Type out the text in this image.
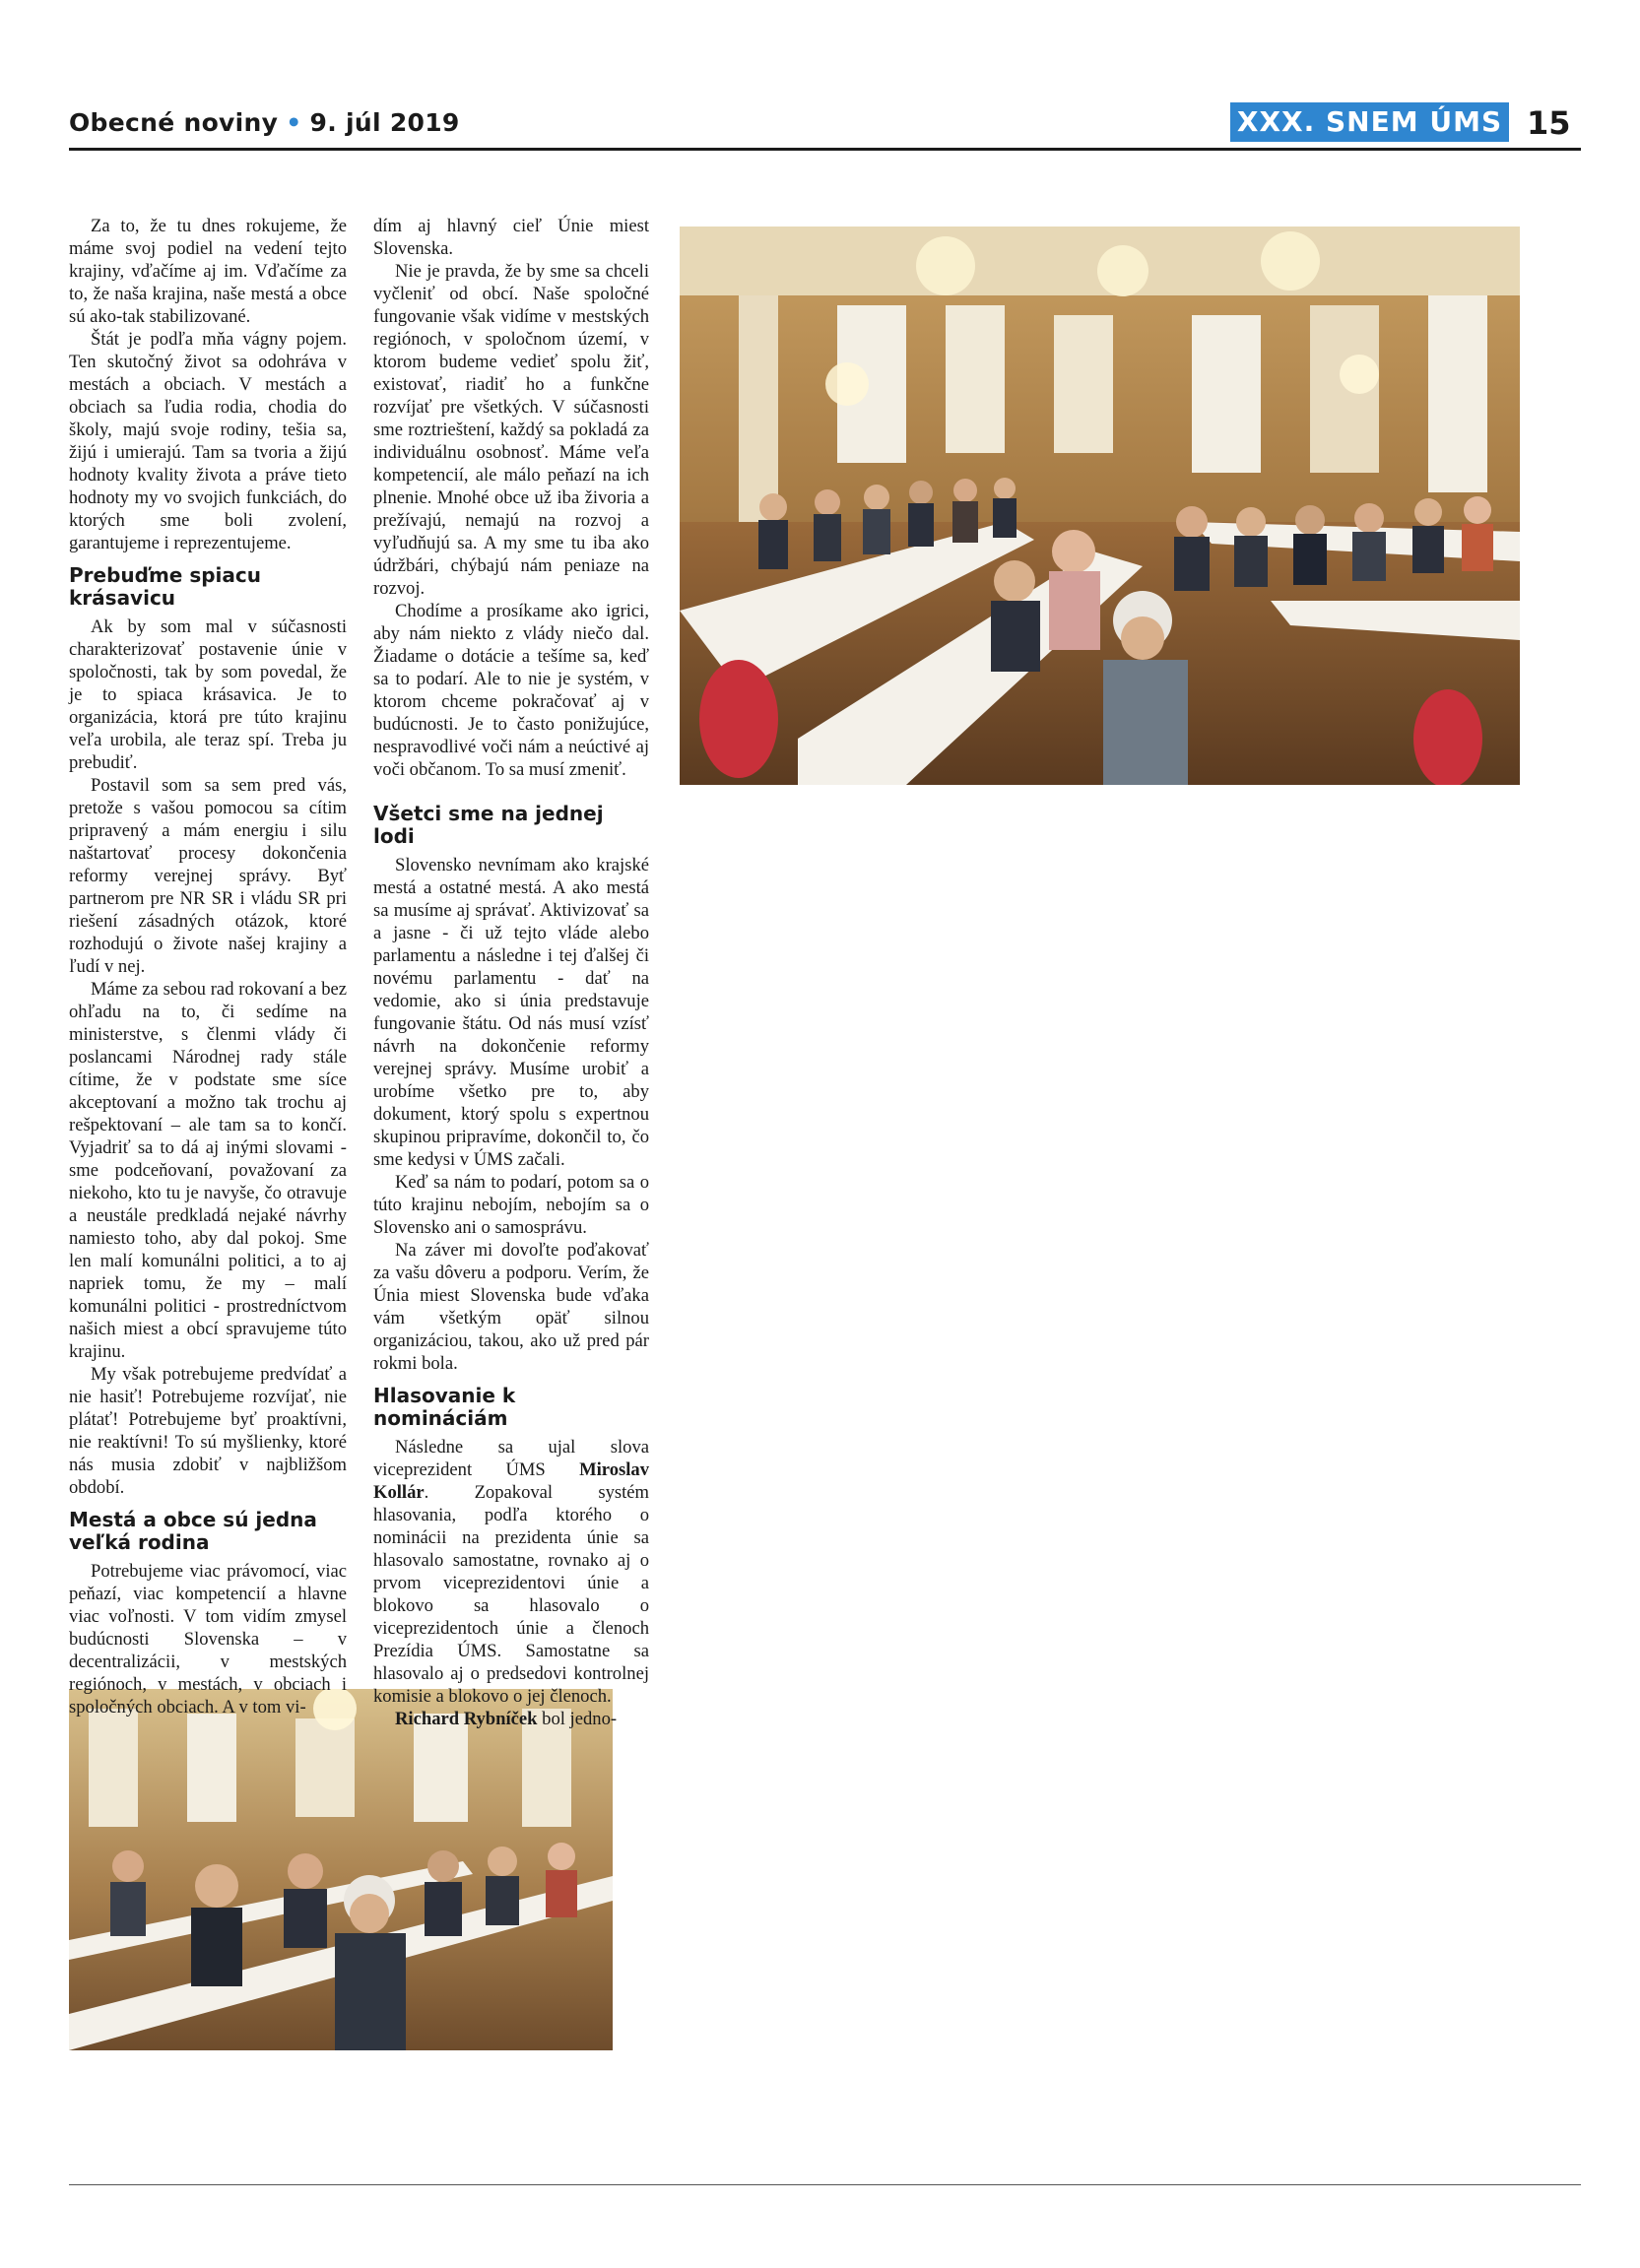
Obecné noviny • 9. júl 2019	XXX. SNEM ÚMS 15

Za to, že tu dnes rokujeme, že máme svoj podiel na vedení tejto krajiny, vďačíme aj im. Vďačíme za to, že naša krajina, naše mestá a obce sú ako-tak stabilizované.

Štát je podľa mňa vágny pojem. Ten skutočný život sa odohráva v mestách a obciach. V mestách a obciach sa ľudia rodia, chodia do školy, majú svoje rodiny, tešia sa, žijú i umierajú. Tam sa tvoria a žijú hodnoty kvality života a práve tieto hodnoty my vo svojich funkciách, do ktorých sme boli zvolení, garantujeme i reprezentujeme.

Prebuďme spiacu krásavicu

Ak by som mal v súčasnosti charakterizovať postavenie únie v spoločnosti, tak by som povedal, že je to spiaca krásavica. Je to organizácia, ktorá pre túto krajinu veľa urobila, ale teraz spí. Treba ju prebudiť.

Postavil som sa sem pred vás, pretože s vašou pomocou sa cítim pripravený a mám energiu i silu naštartovať procesy dokončenia reformy verejnej správy. Byť partnerom pre NR SR i vládu SR pri riešení zásadných otázok, ktoré rozhodujú o živote našej krajiny a ľudí v nej.

Máme za sebou rad rokovaní a bez ohľadu na to, či sedíme na ministerstve, s členmi vlády či poslancami Národnej rady stále cítime, že v podstate sme síce akceptovaní a možno tak trochu aj rešpektovaní – ale tam sa to končí. Vyjadriť sa to dá aj inými slovami - sme podceňovaní, považovaní za niekoho, kto tu je navyše, čo otravuje a neustále predkladá nejaké návrhy namiesto toho, aby dal pokoj. Sme len malí komunálni politici, a to aj napriek tomu, že my – malí komunálni politici - prostredníctvom našich miest a obcí spravujeme túto krajinu.

My však potrebujeme predvídať a nie hasiť! Potrebujeme rozvíjať, nie plátať! Potrebujeme byť proaktívni, nie reaktívni! To sú myšlienky, ktoré nás musia zdobiť v najbližšom období.

Mestá a obce sú jedna veľká rodina

Potrebujeme viac právomocí, viac peňazí, viac kompetencií a hlavne viac voľnosti. V tom vidím zmysel budúcnosti Slovenska – v decentralizácii, v mestských regiónoch, v mestách, v obciach i spoločných obciach. A v tom vi-

dím aj hlavný cieľ Únie miest Slovenska.

Nie je pravda, že by sme sa chceli vyčleniť od obcí. Naše spoločné fungovanie však vidíme v mestských regiónoch, v spoločnom území, v ktorom budeme vedieť spolu žiť, existovať, riadiť ho a funkčne rozvíjať pre všetkých. V súčasnosti sme roztrieštení, každý sa pokladá za individuálnu osobnosť. Máme veľa kompetencií, ale málo peňazí na ich plnenie. Mnohé obce už iba živoria a prežívajú, nemajú na rozvoj a vyľudňujú sa. A my sme tu iba ako údržbári, chýbajú nám peniaze na rozvoj.

Chodíme a prosíkame ako igrici, aby nám niekto z vlády niečo dal. Žiadame o dotácie a tešíme sa, keď sa to podarí. Ale to nie je systém, v ktorom chceme pokračovať aj v budúcnosti. Je to často ponižujúce, nespravodlivé voči nám a neúctivé aj voči občanom. To sa musí zmeniť.

Všetci sme na jednej lodi

Slovensko nevnímam ako krajské mestá a ostatné mestá. A ako mestá sa musíme aj správať. Aktivizovať sa a jasne - či už tejto vláde alebo parlamentu a následne i tej ďalšej či novému parlamentu - dať na vedomie, ako si únia predstavuje fungovanie štátu. Od nás musí vzísť návrh na dokončenie reformy verejnej správy. Musíme urobiť a urobíme všetko pre to, aby dokument, ktorý spolu s expertnou skupinou pripravíme, dokončil to, čo sme kedysi v ÚMS začali.

Keď sa nám to podarí, potom sa o túto krajinu nebojím, nebojím sa o Slovensko ani o samosprávu.

Na záver mi dovoľte poďakovať za vašu dôveru a podporu. Verím, že Únia miest Slovenska bude vďaka vám všetkým opäť silnou organizáciou, takou, ako už pred pár rokmi bola.

Hlasovanie k nomináciám

Následne sa ujal slova viceprezident ÚMS Miroslav Kollár. Zopakoval systém hlasovania, podľa ktorého o nominácii na prezidenta únie sa hlasovalo samostatne, rovnako aj o prvom viceprezidentovi únie a blokovo sa hlasovalo o viceprezidentoch únie a členoch Prezídia ÚMS. Samostatne sa hlasovalo aj o predsedovi kontrolnej komisie a blokovo o jej členoch.

Richard Rybníček bol jedno-
